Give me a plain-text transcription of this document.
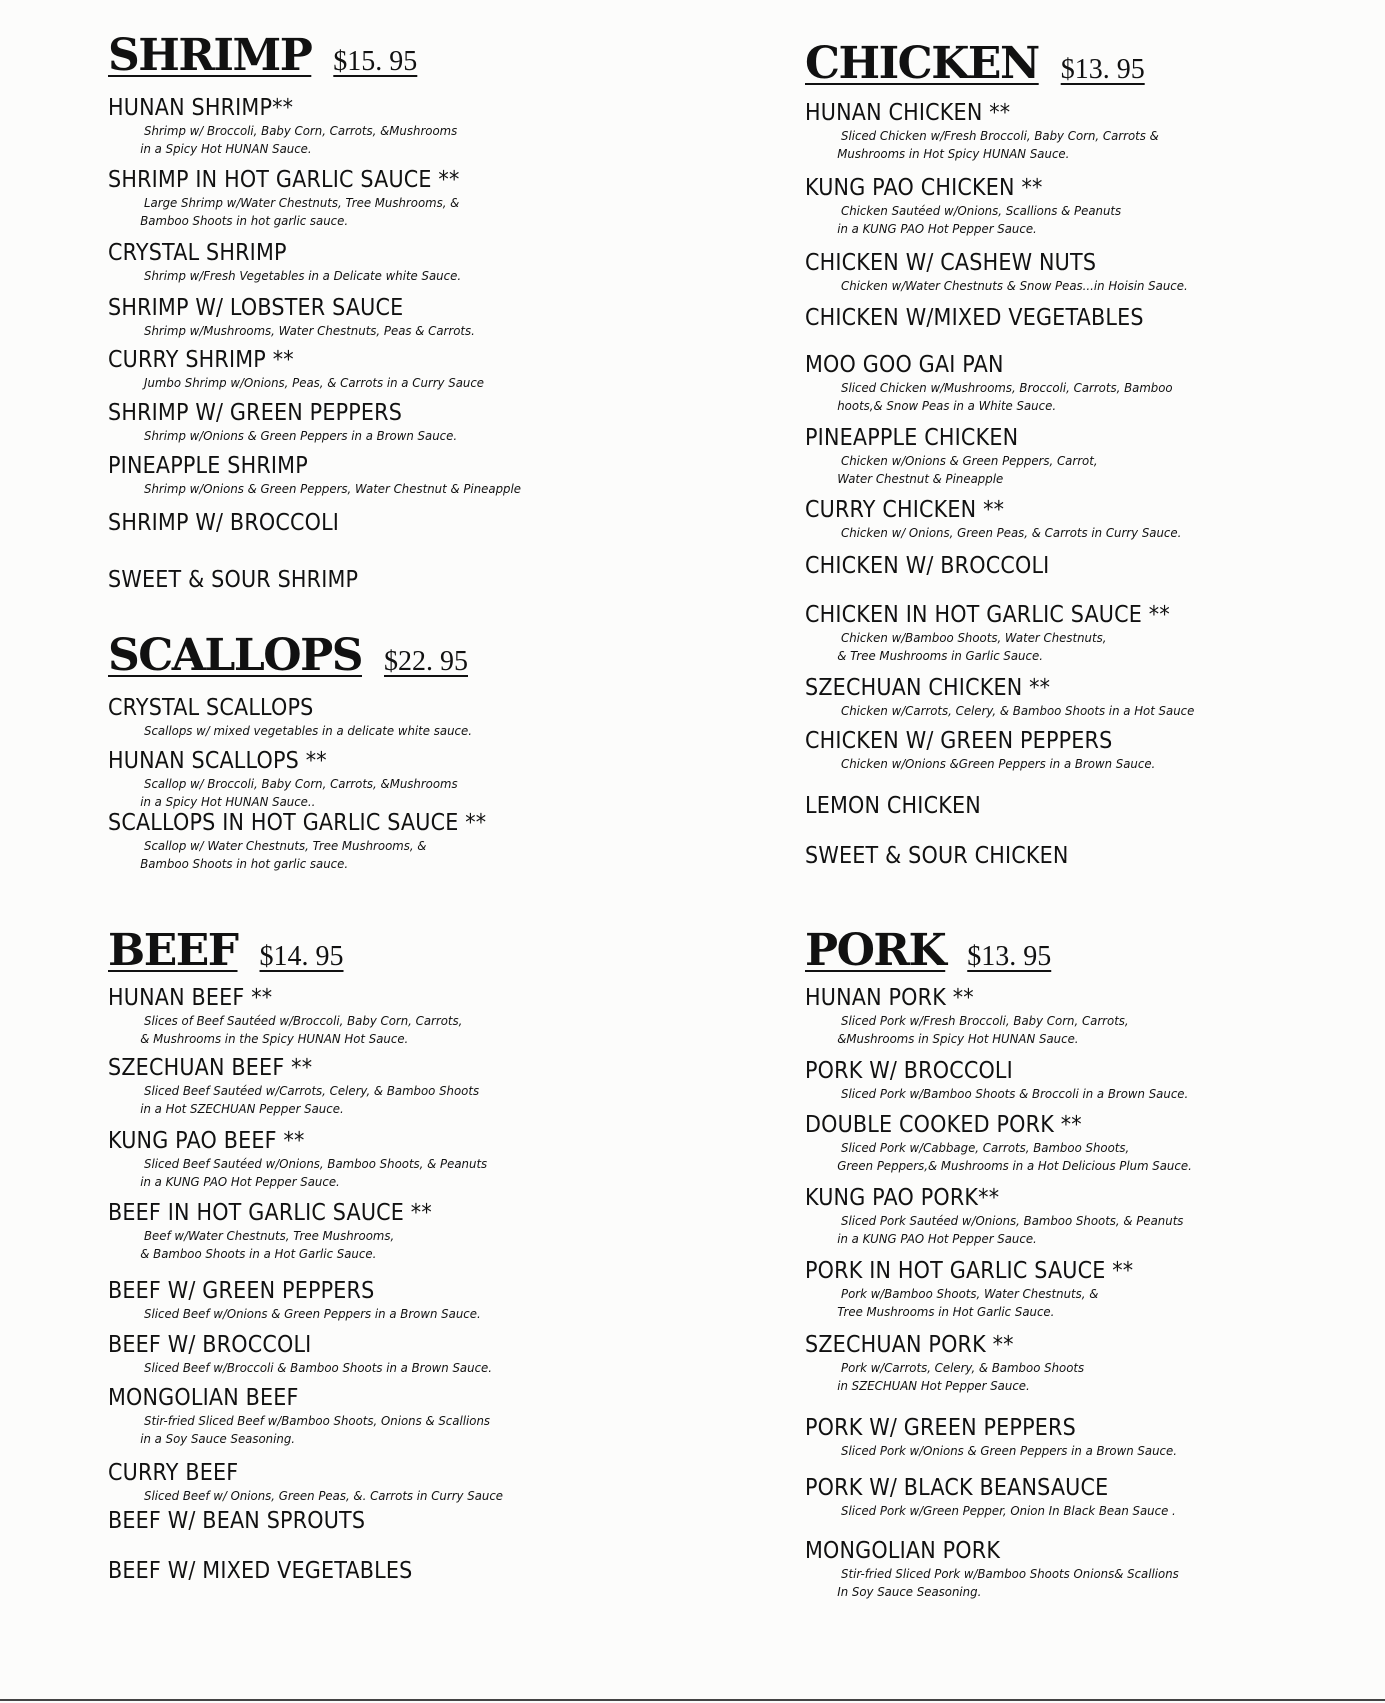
SHRIMP $15. 95
HUNAN SHRIMP**
Shrimp w/ Broccoli, Baby Corn, Carrots, &Mushrooms
in a Spicy Hot HUNAN Sauce.
SHRIMP IN HOT GARLIC SAUCE **
Large Shrimp w/Water Chestnuts, Tree Mushrooms, &
Bamboo Shoots in hot garlic sauce.
CRYSTAL SHRIMP
Shrimp w/Fresh Vegetables in a Delicate white Sauce.
SHRIMP W/ LOBSTER SAUCE
Shrimp w/Mushrooms, Water Chestnuts, Peas & Carrots.
CURRY SHRIMP **
Jumbo Shrimp w/Onions, Peas, & Carrots in a Curry Sauce
SHRIMP W/ GREEN PEPPERS
Shrimp w/Onions & Green Peppers in a Brown Sauce.
PINEAPPLE SHRIMP
Shrimp w/Onions & Green Peppers, Water Chestnut & Pineapple
SHRIMP W/ BROCCOLI
SWEET & SOUR SHRIMP
SCALLOPS $22. 95
CRYSTAL SCALLOPS
Scallops w/ mixed vegetables in a delicate white sauce.
HUNAN SCALLOPS **
Scallop w/ Broccoli, Baby Corn, Carrots, &Mushrooms
in a Spicy Hot HUNAN Sauce..
SCALLOPS IN HOT GARLIC SAUCE **
Scallop w/ Water Chestnuts, Tree Mushrooms, &
Bamboo Shoots in hot garlic sauce.
BEEF $14. 95
HUNAN BEEF **
Slices of Beef Sautéed w/Broccoli, Baby Corn, Carrots,
& Mushrooms in the Spicy HUNAN Hot Sauce.
SZECHUAN BEEF **
Sliced Beef Sautéed w/Carrots, Celery, & Bamboo Shoots
in a Hot SZECHUAN Pepper Sauce.
KUNG PAO BEEF **
Sliced Beef Sautéed w/Onions, Bamboo Shoots, & Peanuts
in a KUNG PAO Hot Pepper Sauce.
BEEF IN HOT GARLIC SAUCE **
Beef w/Water Chestnuts, Tree Mushrooms,
& Bamboo Shoots in a Hot Garlic Sauce.
BEEF W/ GREEN PEPPERS
Sliced Beef w/Onions & Green Peppers in a Brown Sauce.
BEEF W/ BROCCOLI
Sliced Beef w/Broccoli & Bamboo Shoots in a Brown Sauce.
MONGOLIAN BEEF
Stir-fried Sliced Beef w/Bamboo Shoots, Onions & Scallions
in a Soy Sauce Seasoning.
CURRY BEEF
Sliced Beef w/ Onions, Green Peas, &. Carrots in Curry Sauce
BEEF W/ BEAN SPROUTS
BEEF W/ MIXED VEGETABLES
CHICKEN $13. 95
HUNAN CHICKEN **
Sliced Chicken w/Fresh Broccoli, Baby Corn, Carrots &
Mushrooms in Hot Spicy HUNAN Sauce.
KUNG PAO CHICKEN **
Chicken Sautéed w/Onions, Scallions & Peanuts
in a KUNG PAO Hot Pepper Sauce.
CHICKEN W/ CASHEW NUTS
Chicken w/Water Chestnuts & Snow Peas...in Hoisin Sauce.
CHICKEN W/MIXED VEGETABLES
MOO GOO GAI PAN
Sliced Chicken w/Mushrooms, Broccoli, Carrots, Bamboo
hoots,& Snow Peas in a White Sauce.
PINEAPPLE CHICKEN
Chicken w/Onions & Green Peppers, Carrot,
Water Chestnut & Pineapple
CURRY CHICKEN **
Chicken w/ Onions, Green Peas, & Carrots in Curry Sauce.
CHICKEN W/ BROCCOLI
CHICKEN IN HOT GARLIC SAUCE **
Chicken w/Bamboo Shoots, Water Chestnuts,
& Tree Mushrooms in Garlic Sauce.
SZECHUAN CHICKEN **
Chicken w/Carrots, Celery, & Bamboo Shoots in a Hot Sauce
CHICKEN W/ GREEN PEPPERS
Chicken w/Onions &Green Peppers in a Brown Sauce.
LEMON CHICKEN
SWEET & SOUR CHICKEN
PORK $13. 95
HUNAN PORK **
Sliced Pork w/Fresh Broccoli, Baby Corn, Carrots,
&Mushrooms in Spicy Hot HUNAN Sauce.
PORK W/ BROCCOLI
Sliced Pork w/Bamboo Shoots & Broccoli in a Brown Sauce.
DOUBLE COOKED PORK **
Sliced Pork w/Cabbage, Carrots, Bamboo Shoots,
Green Peppers,& Mushrooms in a Hot Delicious Plum Sauce.
KUNG PAO PORK**
Sliced Pork Sautéed w/Onions, Bamboo Shoots, & Peanuts
in a KUNG PAO Hot Pepper Sauce.
PORK IN HOT GARLIC SAUCE **
Pork w/Bamboo Shoots, Water Chestnuts, &
Tree Mushrooms in Hot Garlic Sauce.
SZECHUAN PORK **
Pork w/Carrots, Celery, & Bamboo Shoots
in SZECHUAN Hot Pepper Sauce.
PORK W/ GREEN PEPPERS
Sliced Pork w/Onions & Green Peppers in a Brown Sauce.
PORK W/ BLACK BEANSAUCE
Sliced Pork w/Green Pepper, Onion In Black Bean Sauce .
MONGOLIAN PORK
Stir-fried Sliced Pork w/Bamboo Shoots Onions& Scallions
In Soy Sauce Seasoning.
